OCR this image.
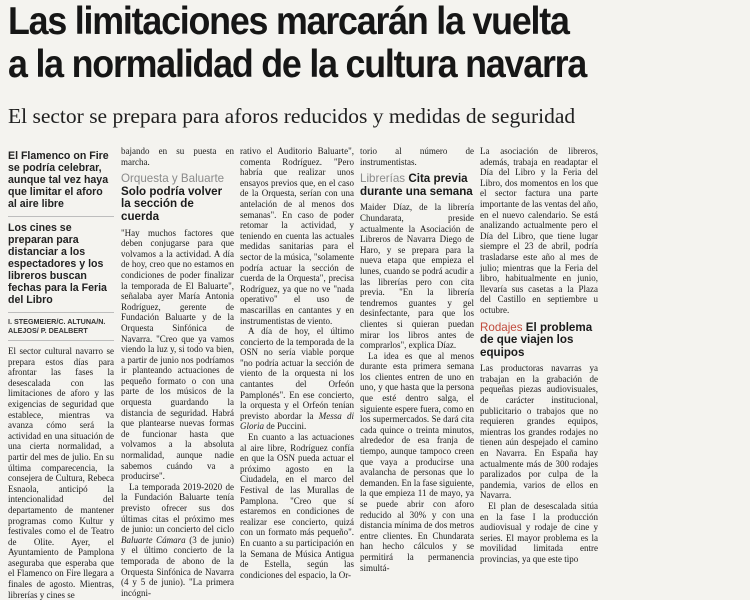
Las limitaciones marcarán la vuelta
a la normalidad de la cultura navarra
El sector se prepara para aforos reducidos y medidas de seguridad
El Flamenco on Fire se podría celebrar, aunque tal vez haya que limitar el aforo al aire libre
Los cines se preparan para distanciar a los espectadores y los libreros buscan fechas para la Feria del Libro
I. STEGMEIER/C. ALTUNA/N. ALEJOS/ P. DEALBERT

El sector cultural navarro se prepara estos días para afrontar las fases la desescalada con las limitaciones de aforo y las exigencias de seguridad que establece, mientras va avanza cómo será la actividad en una situación de una cierta normalidad, a partir del mes de julio. En su última comparecencia, la consejera de Cultura, Rebeca Esnaola, anticipó la intencionalidad del departamento de mantener programas como Kultur y festivales como el de Teatro de Olite. Ayer, el Ayuntamiento de Pamplona aseguraba que esperaba que el Flamenco on Fire llegara a finales de agosto. Mientras, librerías y cines se

bajando en su puesta en marcha.

Orquesta y Baluarte
Solo podría volver la sección de cuerda

"Hay muchos factores que deben conjugarse para que volvamos a la actividad. A día de hoy, creo que no estamos en condiciones de poder finalizar la temporada de El Baluarte", señalaba ayer María Antonia Rodríguez, gerente de Fundación Baluarte y de la Orquesta Sinfónica de Navarra. "Creo que ya vamos viendo la luz y, si todo va bien, a partir de junio nos podríamos ir planteando actuaciones de pequeño formato o con una parte de los músicos de la orquesta guardando la distancia de seguridad. Habrá que plantearse nuevas formas de funcionar hasta que volvamos a la absoluta normalidad, aunque nadie sabemos cuándo va a producirse".

La temporada 2019-2020 de la Fundación Baluarte tenía previsto ofrecer sus dos últimas citas el próximo mes de junio: un concierto del ciclo Baluarte Cámara (3 de junio) y el último concierto de la temporada de abono de la Orquesta Sinfónica de Navarra (4 y 5 de junio). "La primera incógni-

rativo el Auditorio Baluarte", comenta Rodríguez. "Pero habría que realizar unos ensayos previos que, en el caso de la Orquesta, serían con una antelación de al menos dos semanas". En caso de poder retomar la actividad, y teniendo en cuenta las actuales medidas sanitarias para el sector de la música, "solamente podría actuar la sección de cuerda de la Orquesta", precisa Rodríguez, ya que no ve "nada operativo" el uso de mascarillas en cantantes y en instrumentistas de viento.

A día de hoy, el último concierto de la temporada de la OSN no sería viable porque "no podría actuar la sección de viento de la orquesta ni los cantantes del Orfeón Pamplonés". En ese concierto, la orquesta y el Orfeón tenían previsto abordar la Messa di Gloria de Puccini.

En cuanto a las actuaciones al aire libre, Rodríguez confía en que la OSN pueda actuar el próximo agosto en la Ciudadela, en el marco del Festival de las Murallas de Pamplona. "Creo que sí estaremos en condiciones de realizar ese concierto, quizá con un formato más pequeño". En cuanto a su participación en la Semana de Música Antigua de Estella, según las condiciones del espacio, la Or-

torio al número de instrumentistas.

Librerías Cita previa durante una semana

Maider Díaz, de la librería Chundarata, preside actualmente la Asociación de Libreros de Navarra Diego de Haro, y se prepara para la nueva etapa que empieza el lunes, cuando se podrá acudir a las librerías pero con cita previa. "En la librería tendremos guantes y gel desinfectante, para que los clientes si quieran puedan mirar los libros antes de comprarlos", explica Díaz.

La idea es que al menos durante esta primera semana los clientes entren de uno en uno, y que hasta que la persona que esté dentro salga, el siguiente espere fuera, como en los supermercados. Se dará cita cada quince o treinta minutos, alrededor de esa franja de tiempo, aunque tampoco creen que vaya a producirse una avalancha de personas que lo demanden. En la fase siguiente, la que empieza 11 de mayo, ya se puede abrir con aforo reducido al 30% y con una distancia mínima de dos metros entre clientes. En Chundarata han hecho cálculos y se permitirá la permanencia simultá-

La asociación de libreros, además, trabaja en readaptar el Día del Libro y la Feria del Libro, dos momentos en los que el sector factura una parte importante de las ventas del año, en el nuevo calendario. Se está analizando actualmente pero el Día del Libro, que tiene lugar siempre el 23 de abril, podría trasladarse este año al mes de julio; mientras que la Feria del libro, habitualmente en junio, llevaría sus casetas a la Plaza del Castillo en septiembre u octubre.

Rodajes El problema de que viajen los equipos

Las productoras navarras ya trabajan en la grabación de pequeñas piezas audiovisuales, de carácter institucional, publicitario o trabajos que no requieren grandes equipos, mientras los grandes rodajes no tienen aún despejado el camino en Navarra. En España hay actualmente más de 300 rodajes paralizados por culpa de la pandemia, varios de ellos en Navarra.

El plan de desescalada sitúa en la fase I la producción audiovisual y rodaje de cine y series. El mayor problema es la movilidad limitada entre provincias, ya que este tipo
